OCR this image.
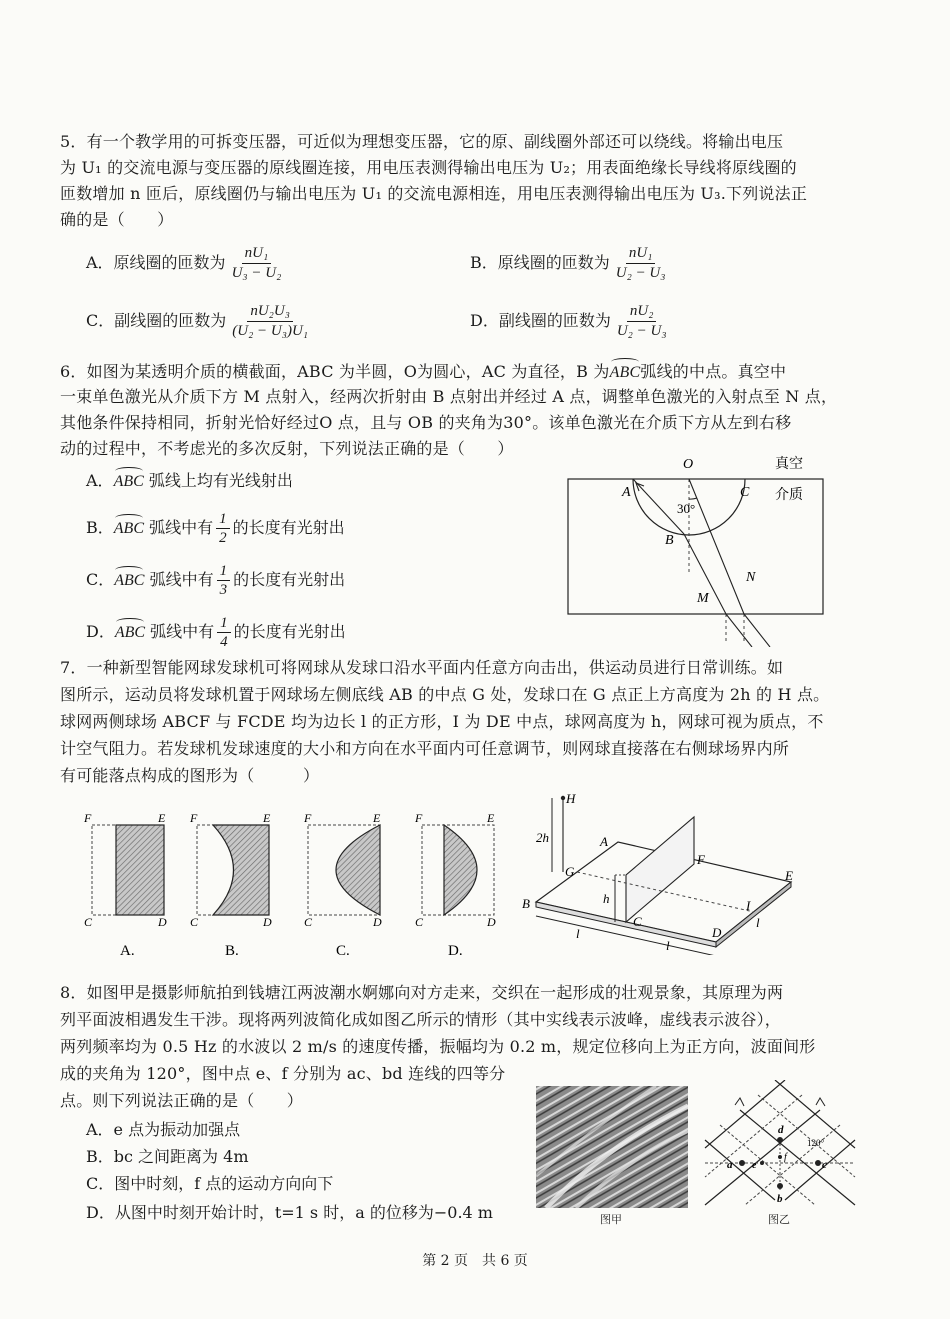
5．有一个教学用的可拆变压器，可近似为理想变压器，它的原、副线圈外部还可以绕线。将输出电压
为 U₁ 的交流电源与变压器的原线圈连接，用电压表测得输出电压为 U₂；用表面绝缘长导线将原线圈的
匝数增加 n 匝后，原线圈仍与输出电压为 U₁ 的交流电源相连，用电压表测得输出电压为 U₃.下列说法正
确的是（　　）
A．原线圈的匝数为 $\frac{\text{nU₁}}{\text{U₃ − U₂}}$	B．原线圈的匝数为 $\frac{\text{nU₁}}{\text{U₂ − U₃}}$
C．副线圈的匝数为 $\frac{\text{nU₂U₃}}{\text{(U₂ − U₃)U₁}}$	D．副线圈的匝数为 $\frac{\text{nU₂}}{\text{U₂ − U₃}}$
6．如图为某透明介质的横截面，ABC 为半圆，O为圆心，AC 为直径，B 为ABC弧线的中点。真空中
一束单色激光从介质下方 M 点射入，经两次折射由 B 点射出并经过 A 点，调整单色激光的入射点至 N 点，
其他条件保持相同，折射光恰好经过O 点，且与 OB 的夹角为30°。该单色激光在介质下方从左到右移
动的过程中，不考虑光的多次反射，下列说法正确的是（　　）
A．ABC 弧线上均有光线射出
B．ABC 弧线中有 $\frac{1}{2}$ 的长度有光射出
C．ABC 弧线中有 $\frac{1}{3}$ 的长度有光射出
D．ABC 弧线中有 $\frac{1}{4}$ 的长度有光射出
O	真空
介质
A	C
30°
B
N
M
7．一种新型智能网球发球机可将网球从发球口沿水平面内任意方向击出，供运动员进行日常训练。如
图所示，运动员将发球机置于网球场左侧底线 AB 的中点 G 处，发球口在 G 点正上方高度为 2h 的 H 点。
球网两侧球场 ABCF 与 FCDE 均为边长 l 的正方形，I 为 DE 中点，球网高度为 h，网球可视为质点，不
计空气阻力。若发球机发球速度的大小和方向在水平面内可任意调节，则网球直接落在右侧球场界内所
有可能落点构成的图形为（　　　）
F	E
C	D
A.
F	E
C	D
B.
F	E
C	D
C.
F	E
C	D
D.
H
2h	A
G
F
E
B	h
C
I
D
l
l
l
8．如图甲是摄影师航拍到钱塘江两波潮水婀娜向对方走来，交织在一起形成的壮观景象，其原理为两
列平面波相遇发生干涉。现将两列波简化成如图乙所示的情形（其中实线表示波峰，虚线表示波谷），
两列频率均为 0.5 Hz 的水波以 2 m/s 的速度传播，振幅均为 0.2 m，规定位移向上为正方向，波面间形
成的夹角为 120°，图中点 e、f 分别为 ac、bd 连线的四等分
点。则下列说法正确的是（　　）
A．e 点为振动加强点
B．bc 之间距离为 4m
C．图中时刻，f 点的运动方向向下
D．从图中时刻开始计时，t=1 s 时，a 的位移为−0.4 m	图甲
d
a e
f
c
b
120°
图乙
第 2 页　共 6 页
